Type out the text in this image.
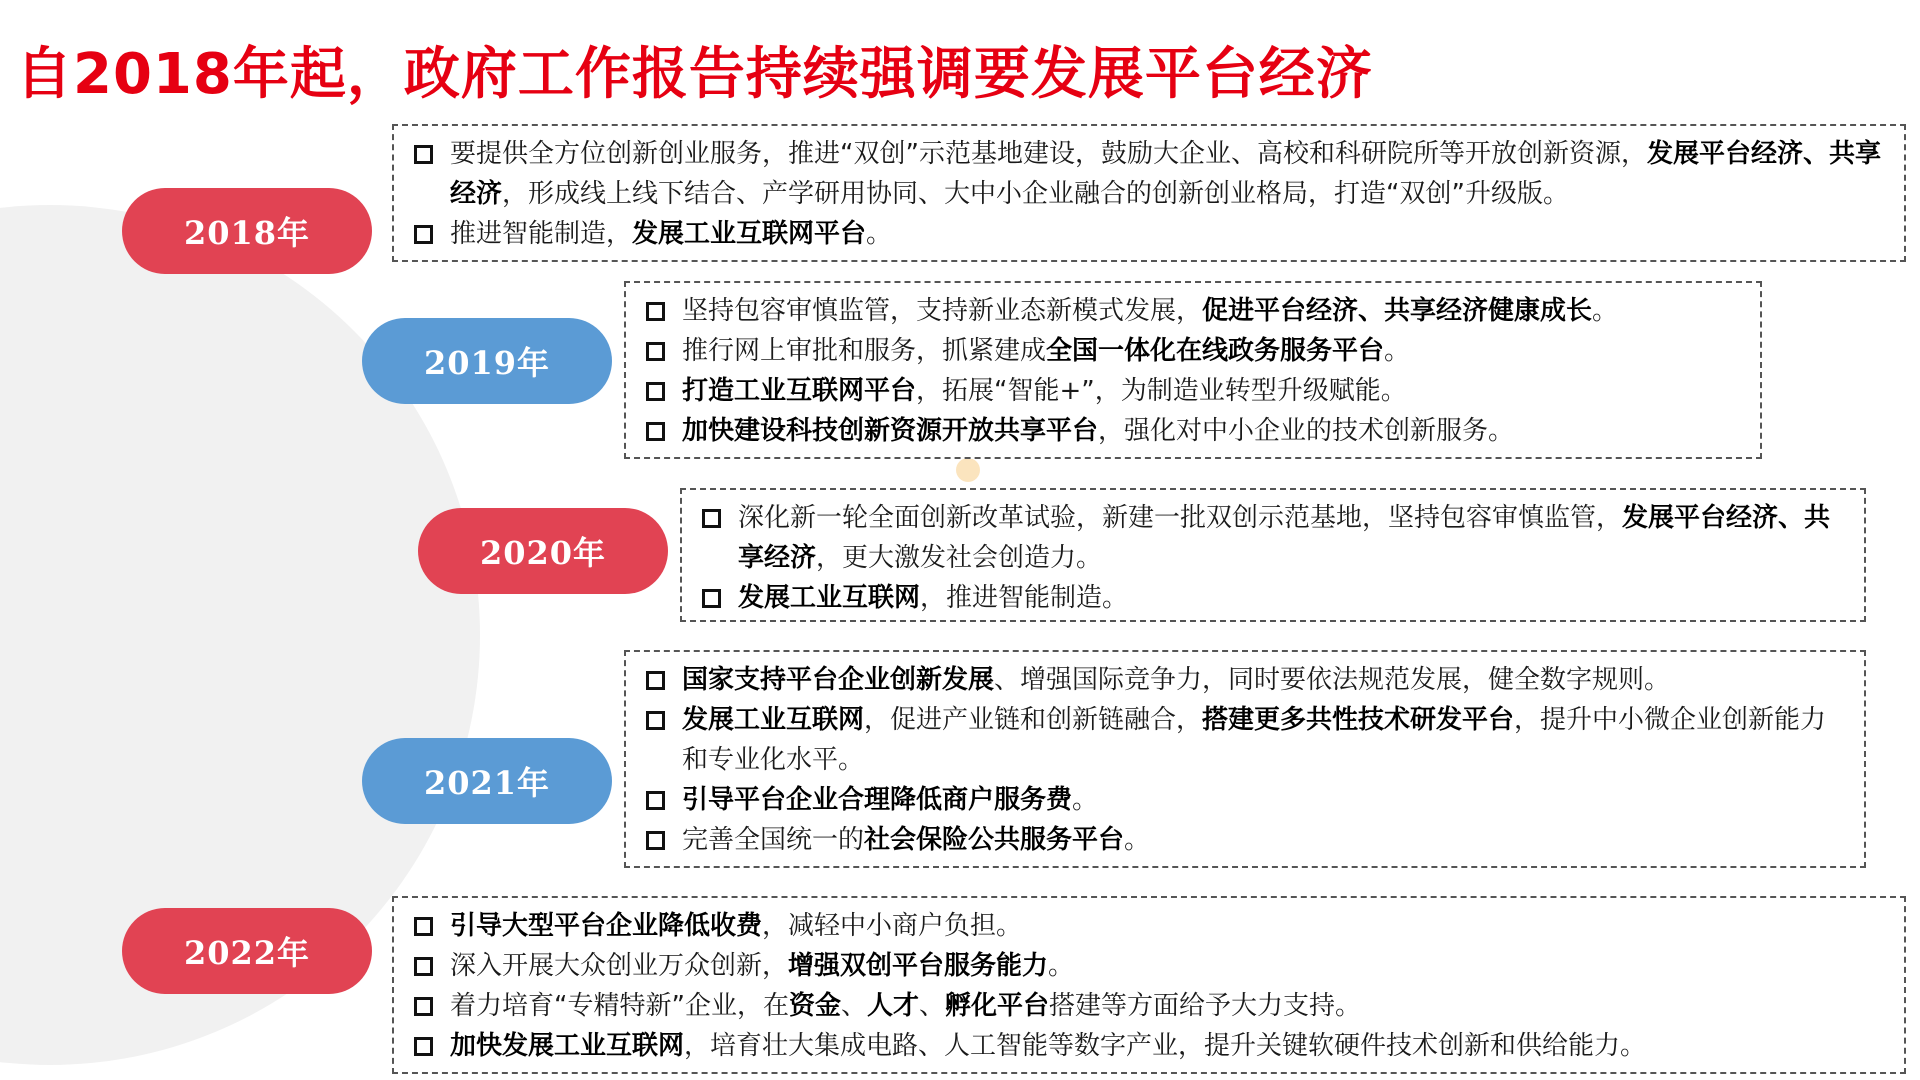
自2018年起，政府工作报告持续强调要发展平台经济
2018年
要提供全方位创新创业服务，推进“双创”示范基地建设，鼓励大企业、高校和科研院所等开放创新资源，发展平台经济、共享经济，形成线上线下结合、产学研用协同、大中小企业融合的创新创业格局，打造“双创”升级版。
推进智能制造，发展工业互联网平台。
2019年
坚持包容审慎监管，支持新业态新模式发展，促进平台经济、共享经济健康成长。
推行网上审批和服务，抓紧建成全国一体化在线政务服务平台。
打造工业互联网平台，拓展“智能+”，为制造业转型升级赋能。
加快建设科技创新资源开放共享平台，强化对中小企业的技术创新服务。
2020年
深化新一轮全面创新改革试验，新建一批双创示范基地，坚持包容审慎监管，发展平台经济、共享经济，更大激发社会创造力。
发展工业互联网，推进智能制造。
2021年
国家支持平台企业创新发展、增强国际竞争力，同时要依法规范发展，健全数字规则。
发展工业互联网，促进产业链和创新链融合，搭建更多共性技术研发平台，提升中小微企业创新能力和专业化水平。
引导平台企业合理降低商户服务费。
完善全国统一的社会保险公共服务平台。
2022年
引导大型平台企业降低收费，减轻中小商户负担。
深入开展大众创业万众创新，增强双创平台服务能力。
着力培育“专精特新”企业，在资金、人才、孵化平台搭建等方面给予大力支持。
加快发展工业互联网，培育壮大集成电路、人工智能等数字产业，提升关键软硬件技术创新和供给能力。
